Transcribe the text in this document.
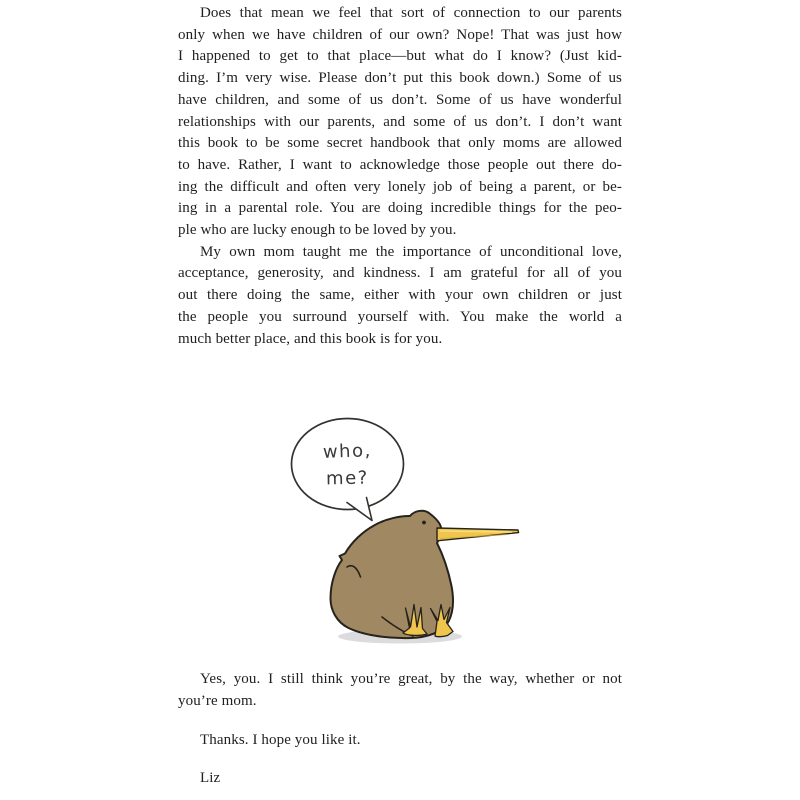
Does that mean we feel that sort of connection to our parents
only when we have children of our own? Nope! That was just how
I happened to get to that place—but what do I know? (Just kid-
ding. I’m very wise. Please don’t put this book down.) Some of us
have children, and some of us don’t. Some of us have wonderful
relationships with our parents, and some of us don’t. I don’t want
this book to be some secret handbook that only moms are allowed
to have. Rather, I want to acknowledge those people out there do-
ing the difficult and often very lonely job of being a parent, or be-
ing in a parental role. You are doing incredible things for the peo-
ple who are lucky enough to be loved by you.
My own mom taught me the importance of unconditional love,
acceptance, generosity, and kindness. I am grateful for all of you
out there doing the same, either with your own children or just
the people you surround yourself with. You make the world a
much better place, and this book is for you.
who,
me?
Yes, you. I still think you’re great, by the way, whether or not
you’re mom.
Thanks. I hope you like it.
Liz
